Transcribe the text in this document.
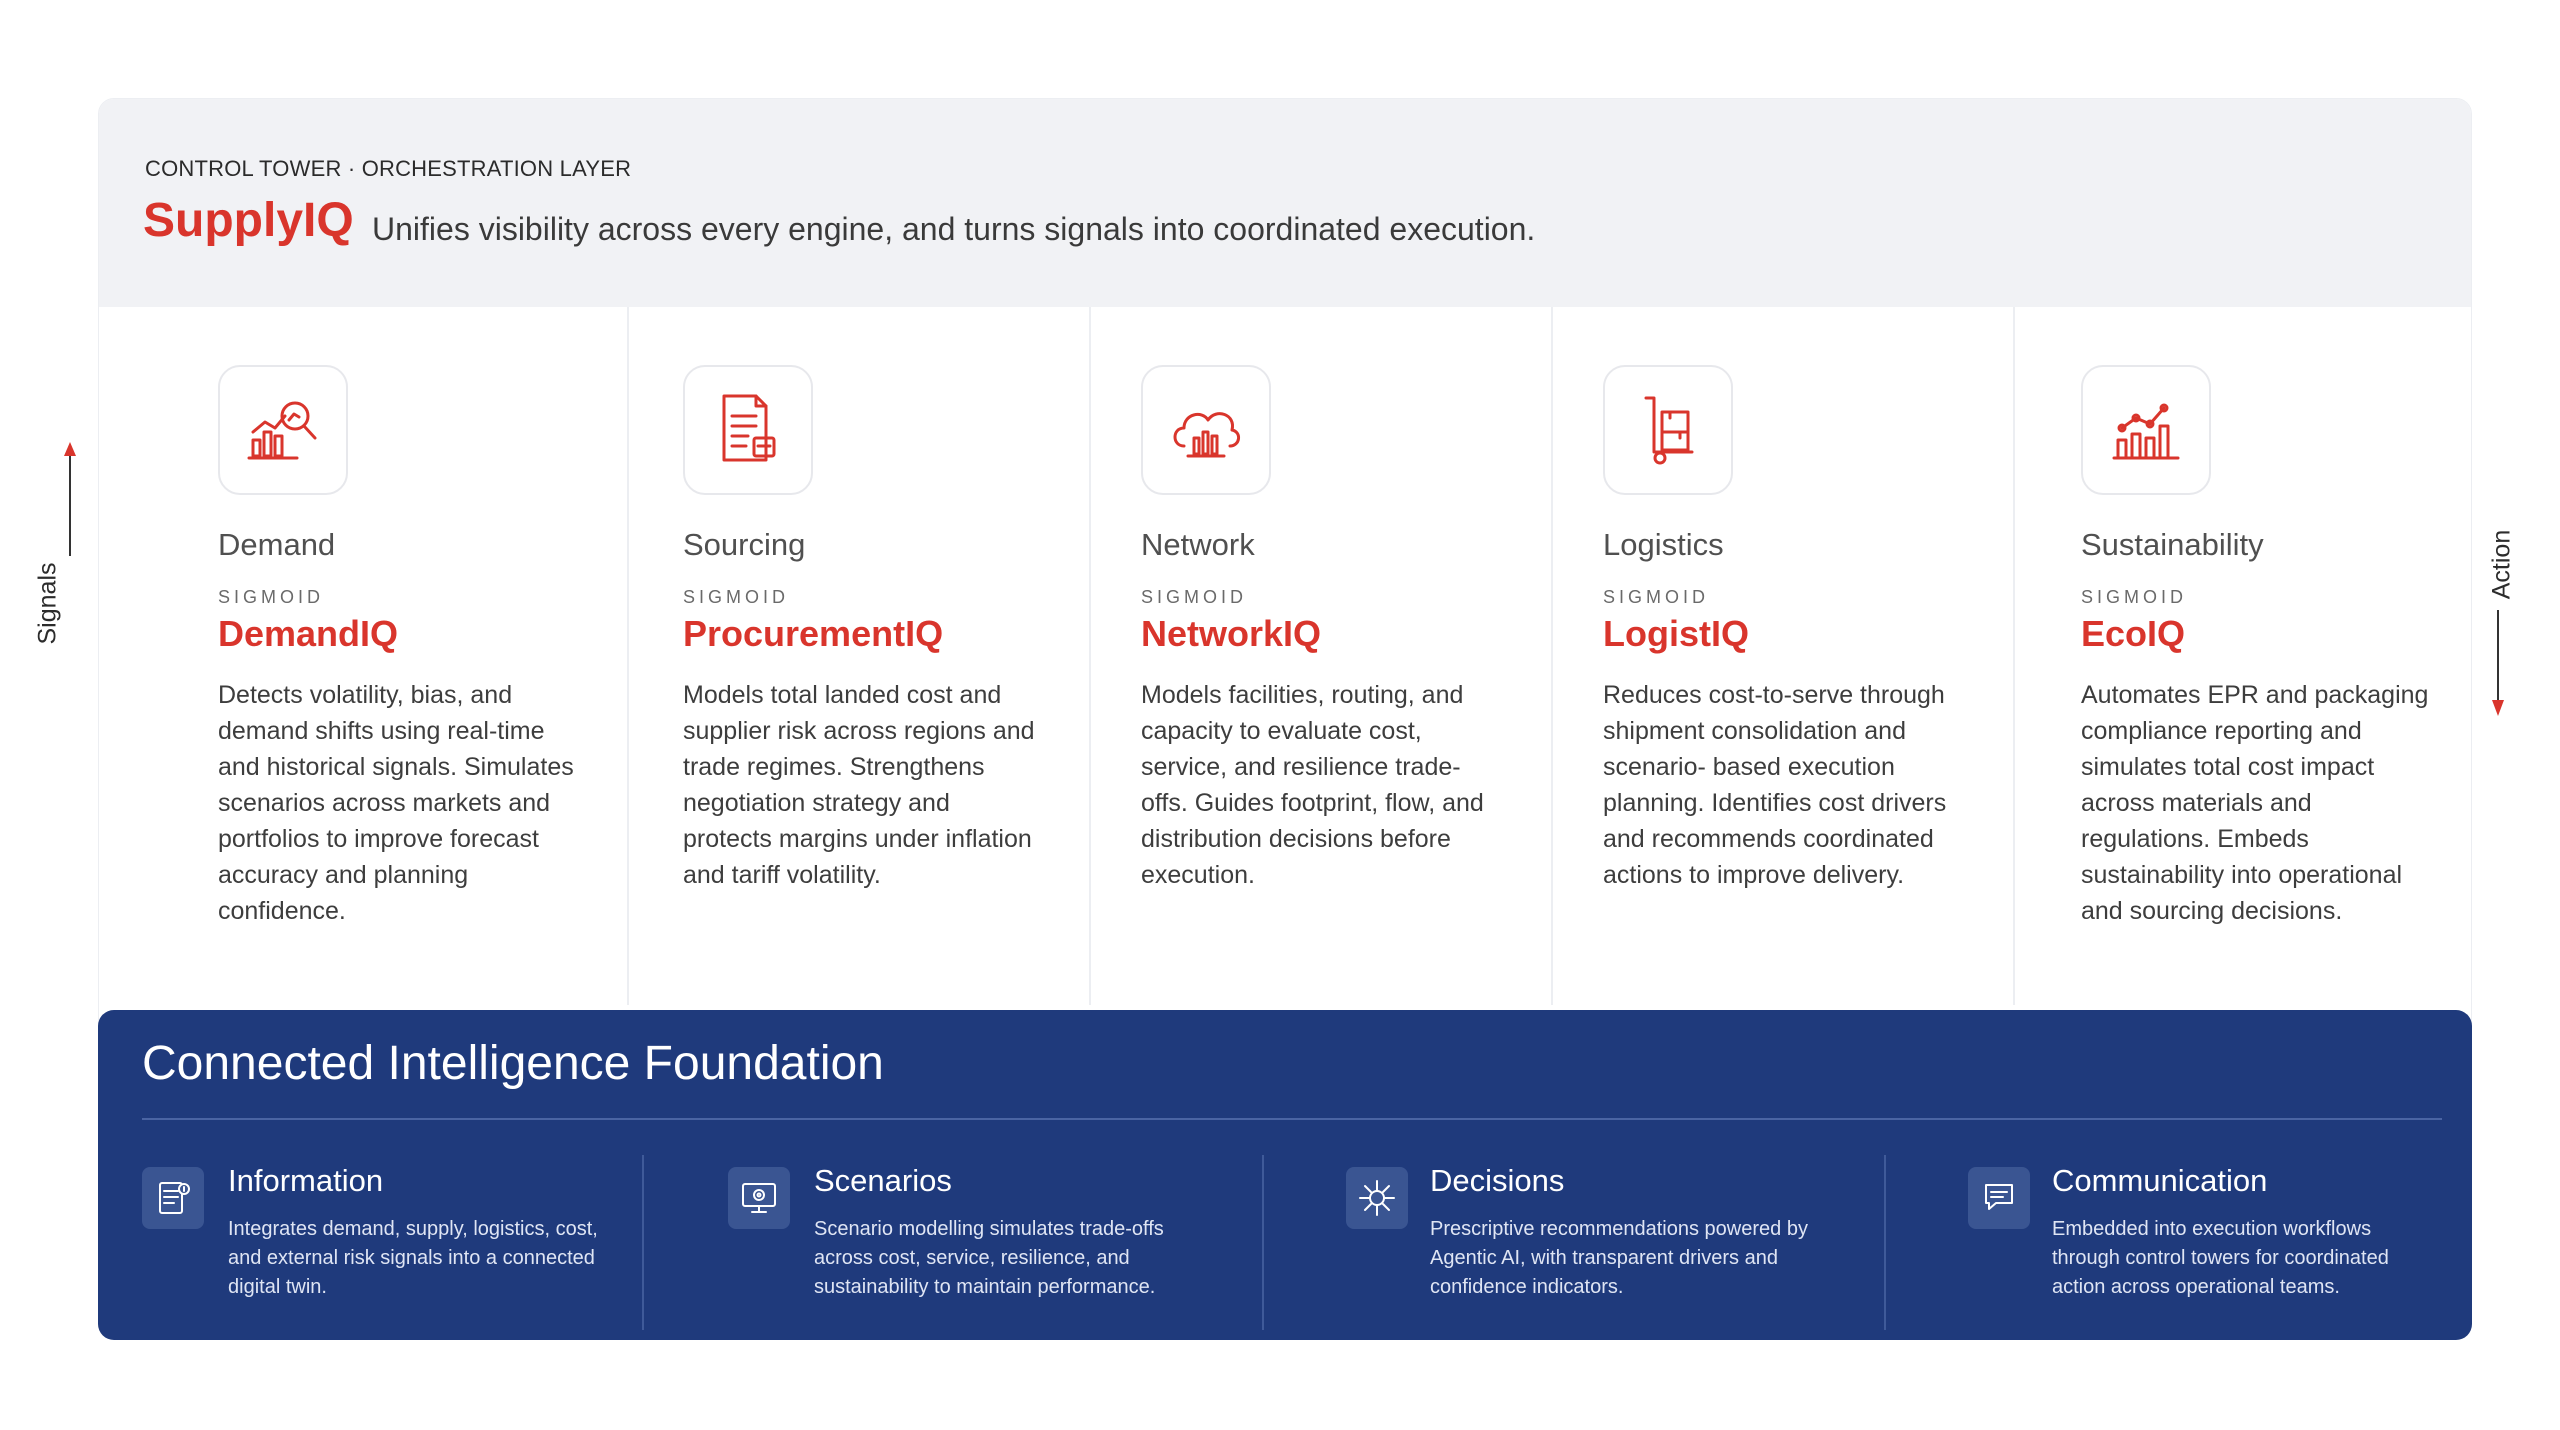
CONTROL TOWER · ORCHESTRATION LAYER
SupplyIQ Unifies visibility across every engine, and turns signals into coordinated execution.
Demand
SIGMOID
DemandIQ
Detects volatility, bias, and demand shifts using real-time and historical signals. Simulates scenarios across markets and portfolios to improve forecast accuracy and planning confidence.
Sourcing
SIGMOID
ProcurementIQ
Models total landed cost and supplier risk across regions and trade regimes. Strengthens negotiation strategy and protects margins under inflation and tariff volatility.
Network
SIGMOID
NetworkIQ
Models facilities, routing, and capacity to evaluate cost, service, and resilience trade-offs. Guides footprint, flow, and distribution decisions before execution.
Logistics
SIGMOID
LogistIQ
Reduces cost-to-serve through shipment consolidation and scenario- based execution planning. Identifies cost drivers and recommends coordinated actions to improve delivery.
Sustainability
SIGMOID
EcoIQ
Automates EPR and packaging compliance reporting and simulates total cost impact across materials and regulations. Embeds sustainability into operational and sourcing decisions.
Signals	Action
Connected Intelligence Foundation
Information
Integrates demand, supply, logistics, cost, and external risk signals into a connected digital twin.
Scenarios
Scenario modelling simulates trade-offs across cost, service, resilience, and sustainability to maintain performance.
Decisions
Prescriptive recommendations powered by Agentic AI, with transparent drivers and confidence indicators.
Communication
Embedded into execution workflows through control towers for coordinated action across operational teams.
